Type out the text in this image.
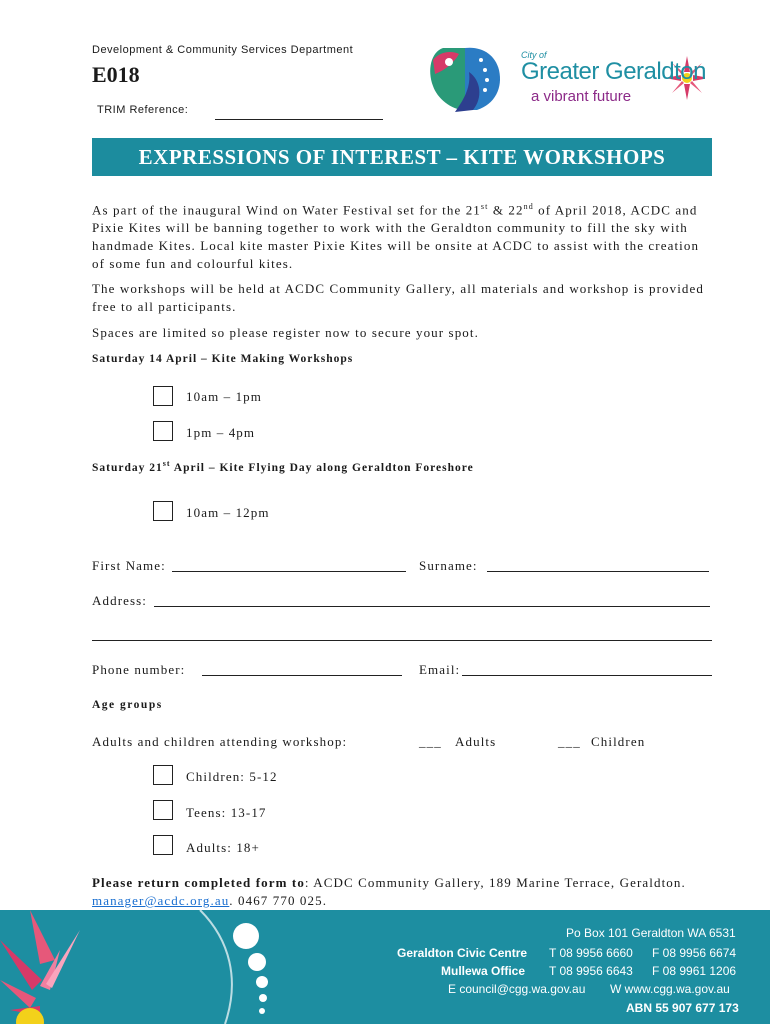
Development & Community Services Department
E018
TRIM Reference:
City of
Greater Geraldton
a vibrant future
EXPRESSIONS OF INTEREST – KITE WORKSHOPS
As part of the inaugural Wind on Water Festival set for the 21st & 22nd of April 2018, ACDC and Pixie Kites will be banning together to work with the Geraldton community to fill the sky with handmade Kites. Local kite master Pixie Kites will be onsite at ACDC to assist with the creation of some fun and colourful kites.
The workshops will be held at ACDC Community Gallery, all materials and workshop is provided free to all participants.
Spaces are limited so please register now to secure your spot.
Saturday 14 April – Kite Making Workshops
10am – 1pm
1pm – 4pm
Saturday 21st April – Kite Flying Day along Geraldton Foreshore
10am – 12pm
First Name:	Surname:
Address:
Phone number:	Email:
Age groups
Adults and children attending workshop:	___ Adults	___ Children
Children: 5-12
Teens: 13-17
Adults: 18+
Please return completed form to: ACDC Community Gallery, 189 Marine Terrace, Geraldton. manager@acdc.org.au. 0467 770 025.
Po Box 101 Geraldton WA 6531
Geraldton Civic Centre T 08 9956 6660 F 08 9956 6674
Mullewa Office T 08 9956 6643 F 08 9961 1206
E council@cgg.wa.gov.au W www.cgg.wa.gov.au
ABN 55 907 677 173
